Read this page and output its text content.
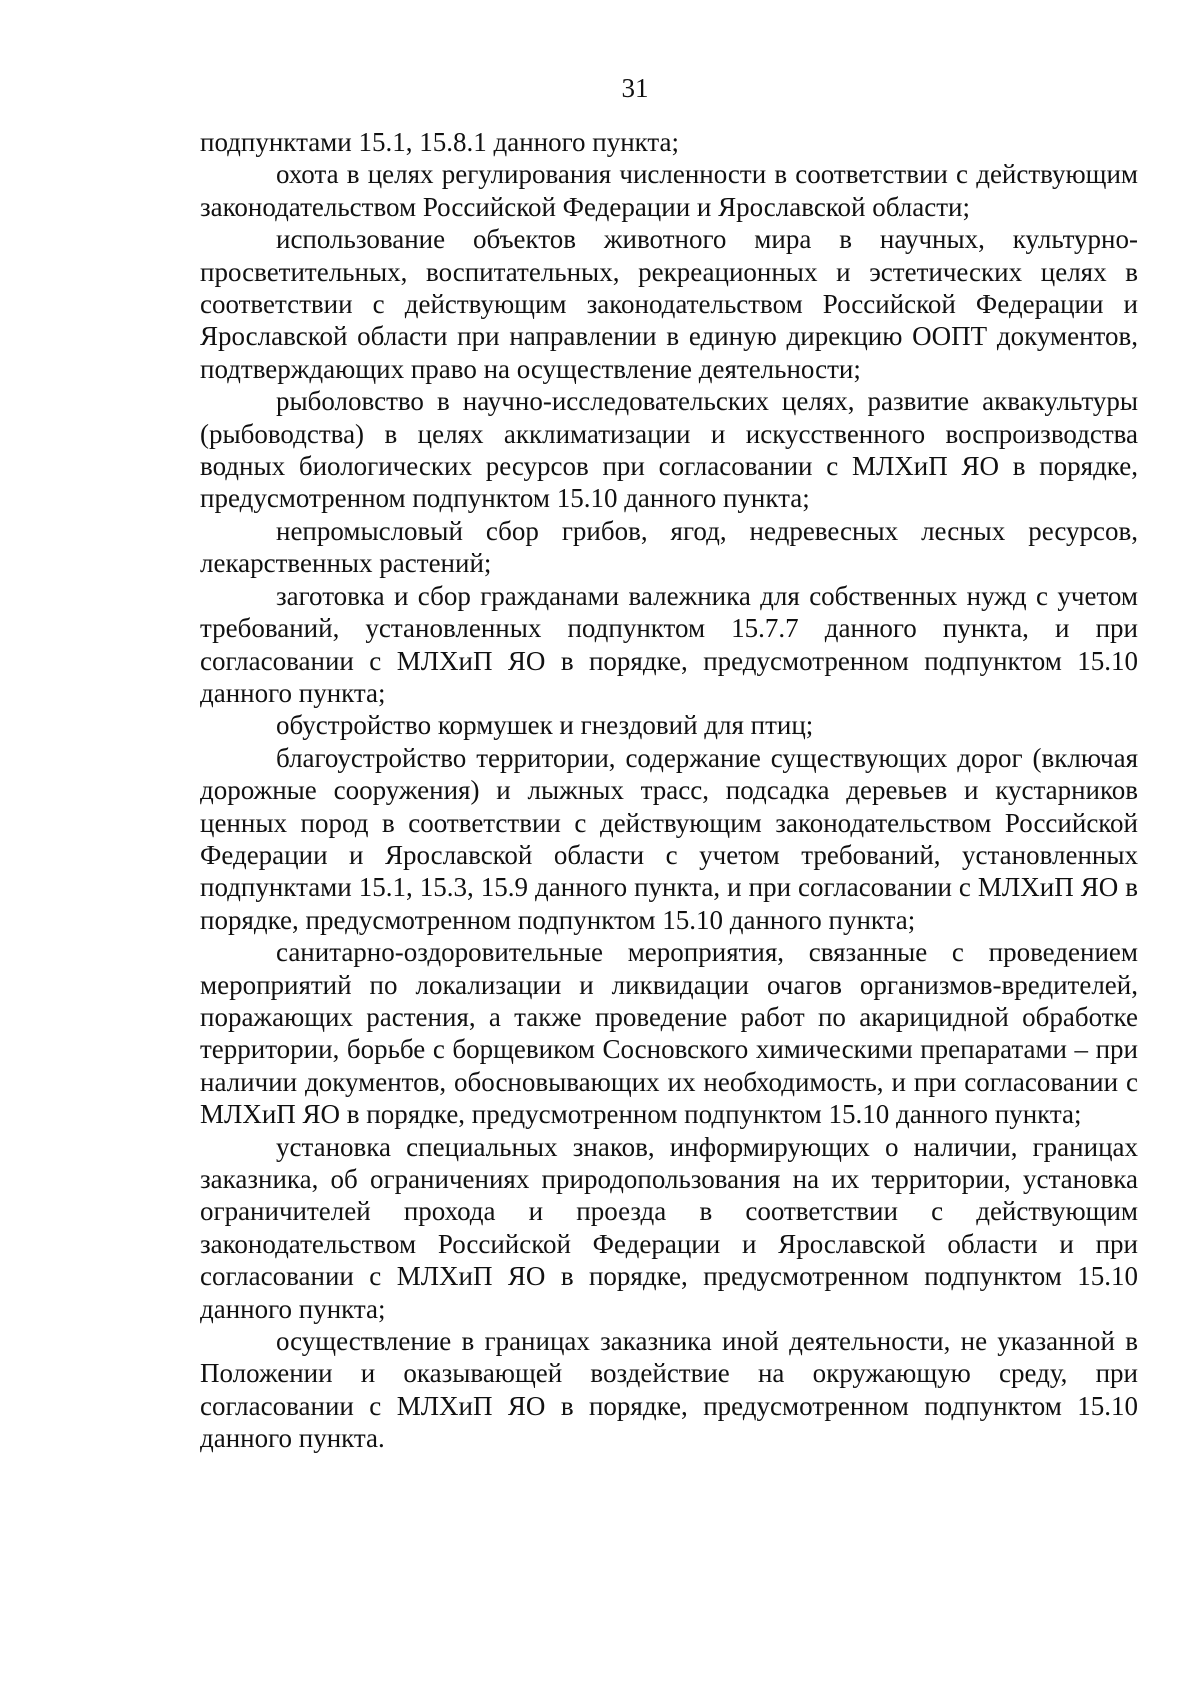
31

подпунктами 15.1, 15.8.1 данного пункта;

охота в целях регулирования численности в соответствии с действующим законодательством Российской Федерации и Ярославской области;

использование объектов животного мира в научных, культурно-просветительных, воспитательных, рекреационных и эстетических целях в соответствии с действующим законодательством Российской Федерации и Ярославской области при направлении в единую дирекцию ООПТ документов, подтверждающих право на осуществление деятельности;

рыболовство в научно-исследовательских целях, развитие аквакультуры (рыбоводства) в целях акклиматизации и искусственного воспроизводства водных биологических ресурсов при согласовании с МЛХиП ЯО в порядке, предусмотренном подпунктом 15.10 данного пункта;

непромысловый сбор грибов, ягод, недревесных лесных ресурсов, лекарственных растений;

заготовка и сбор гражданами валежника для собственных нужд с учетом требований, установленных подпунктом 15.7.7 данного пункта, и при согласовании с МЛХиП ЯО в порядке, предусмотренном подпунктом 15.10 данного пункта;

обустройство кормушек и гнездовий для птиц;

благоустройство территории, содержание существующих дорог (включая дорожные сооружения) и лыжных трасс, подсадка деревьев и кустарников ценных пород в соответствии с действующим законодательством Российской Федерации и Ярославской области с учетом требований, установленных подпунктами 15.1, 15.3, 15.9 данного пункта, и при согласовании с МЛХиП ЯО в порядке, предусмотренном подпунктом 15.10 данного пункта;

санитарно-оздоровительные мероприятия, связанные с проведением мероприятий по локализации и ликвидации очагов организмов-вредителей, поражающих растения, а также проведение работ по акарицидной обработке территории, борьбе с борщевиком Сосновского химическими препаратами – при наличии документов, обосновывающих их необходимость, и при согласовании с МЛХиП ЯО в порядке, предусмотренном подпунктом 15.10 данного пункта;

установка специальных знаков, информирующих о наличии, границах заказника, об ограничениях природопользования на их территории, установка ограничителей прохода и проезда в соответствии с действующим законодательством Российской Федерации и Ярославской области и при согласовании с МЛХиП ЯО в порядке, предусмотренном подпунктом 15.10 данного пункта;

осуществление в границах заказника иной деятельности, не указанной в Положении и оказывающей воздействие на окружающую среду, при согласовании с МЛХиП ЯО в порядке, предусмотренном подпунктом 15.10 данного пункта.
